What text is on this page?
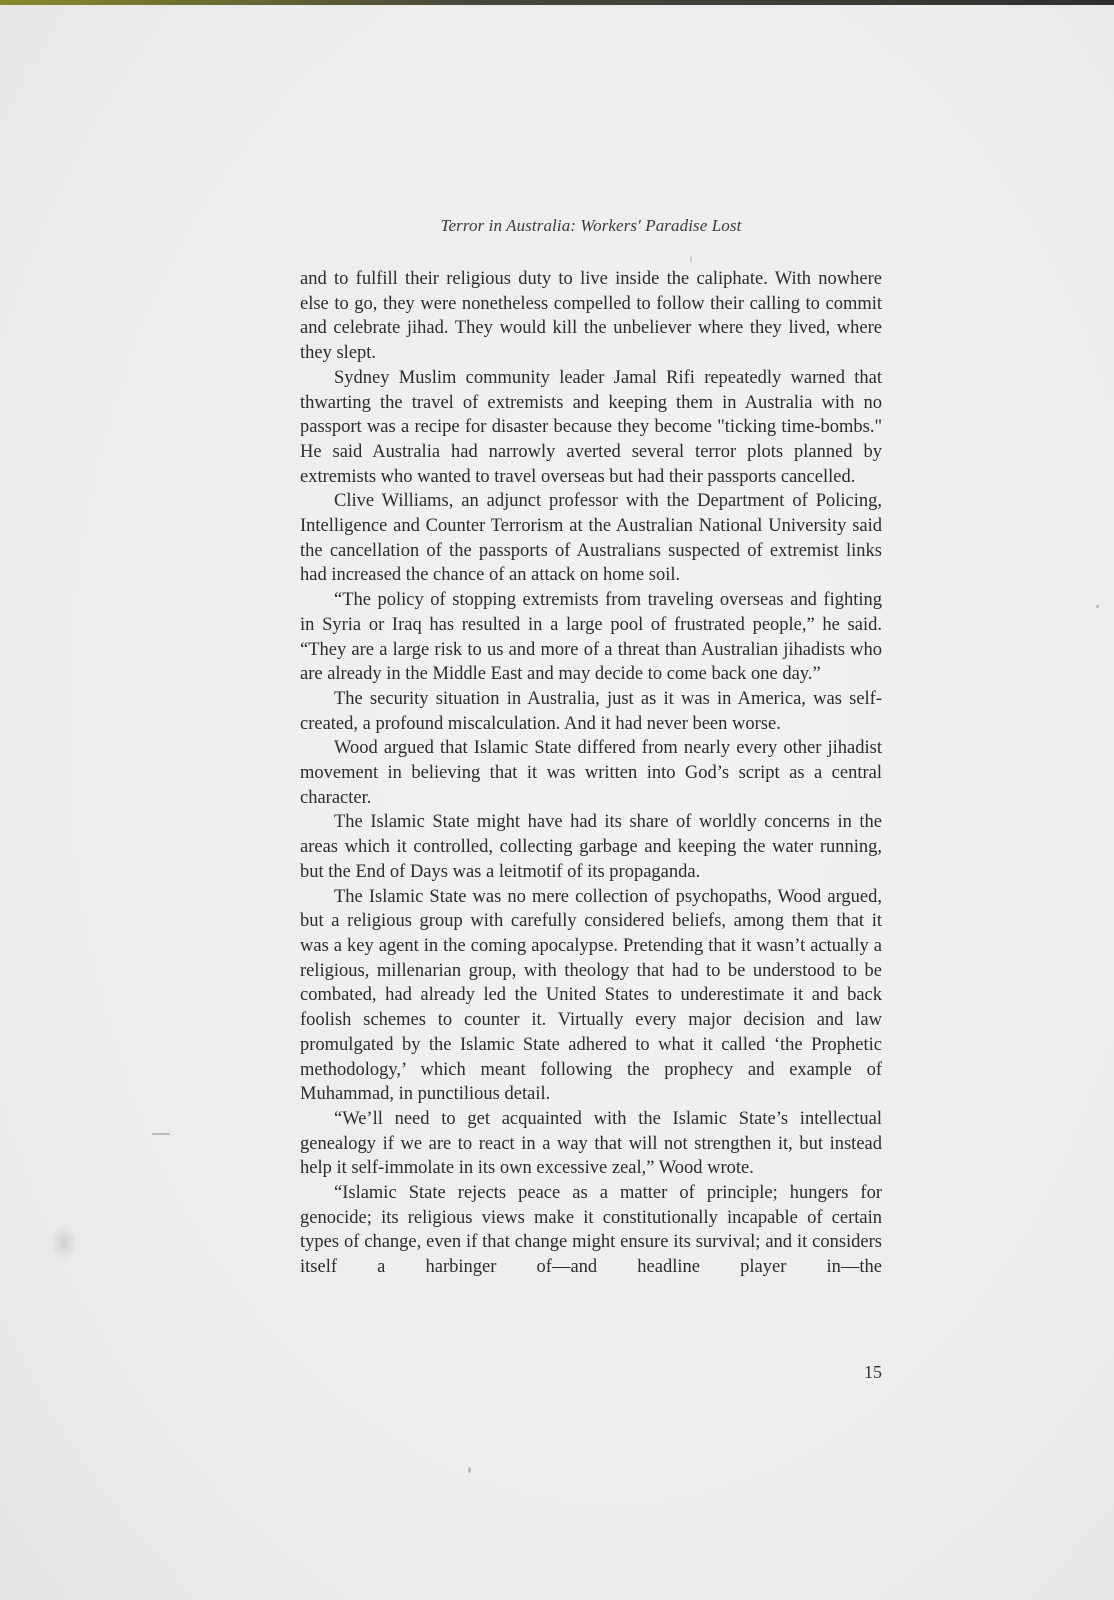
Terror in Australia: Workers' Paradise Lost

and to fulfill their religious duty to live inside the caliphate. With nowhere else to go, they were nonetheless compelled to follow their calling to commit and celebrate jihad. They would kill the unbeliever where they lived, where they slept.

Sydney Muslim community leader Jamal Rifi repeatedly warned that thwarting the travel of extremists and keeping them in Australia with no passport was a recipe for disaster because they become "ticking time-bombs." He said Australia had narrowly averted several terror plots planned by extremists who wanted to travel overseas but had their passports cancelled.

Clive Williams, an adjunct professor with the Department of Policing, Intelligence and Counter Terrorism at the Australian National University said the cancellation of the passports of Australians suspected of extremist links had increased the chance of an attack on home soil.

“The policy of stopping extremists from traveling overseas and fighting in Syria or Iraq has resulted in a large pool of frustrated people,” he said. “They are a large risk to us and more of a threat than Australian jihadists who are already in the Middle East and may decide to come back one day.”

The security situation in Australia, just as it was in America, was self-created, a profound miscalculation. And it had never been worse.

Wood argued that Islamic State differed from nearly every other jihadist movement in believing that it was written into God’s script as a central character.

The Islamic State might have had its share of worldly concerns in the areas which it controlled, collecting garbage and keeping the water running, but the End of Days was a leitmotif of its propaganda.

The Islamic State was no mere collection of psychopaths, Wood argued, but a religious group with carefully considered beliefs, among them that it was a key agent in the coming apocalypse. Pretending that it wasn’t actually a religious, millenarian group, with theology that had to be understood to be combated, had already led the United States to underestimate it and back foolish schemes to counter it. Virtually every major decision and law promulgated by the Islamic State adhered to what it called ‘the Prophetic methodology,’ which meant following the prophecy and example of Muhammad, in punctilious detail.

“We’ll need to get acquainted with the Islamic State’s intellectual genealogy if we are to react in a way that will not strengthen it, but instead help it self-immolate in its own excessive zeal,” Wood wrote.

“Islamic State rejects peace as a matter of principle; hungers for genocide; its religious views make it constitutionally incapable of certain types of change, even if that change might ensure its survival; and it considers itself a harbinger of—and headline player in—the

15
